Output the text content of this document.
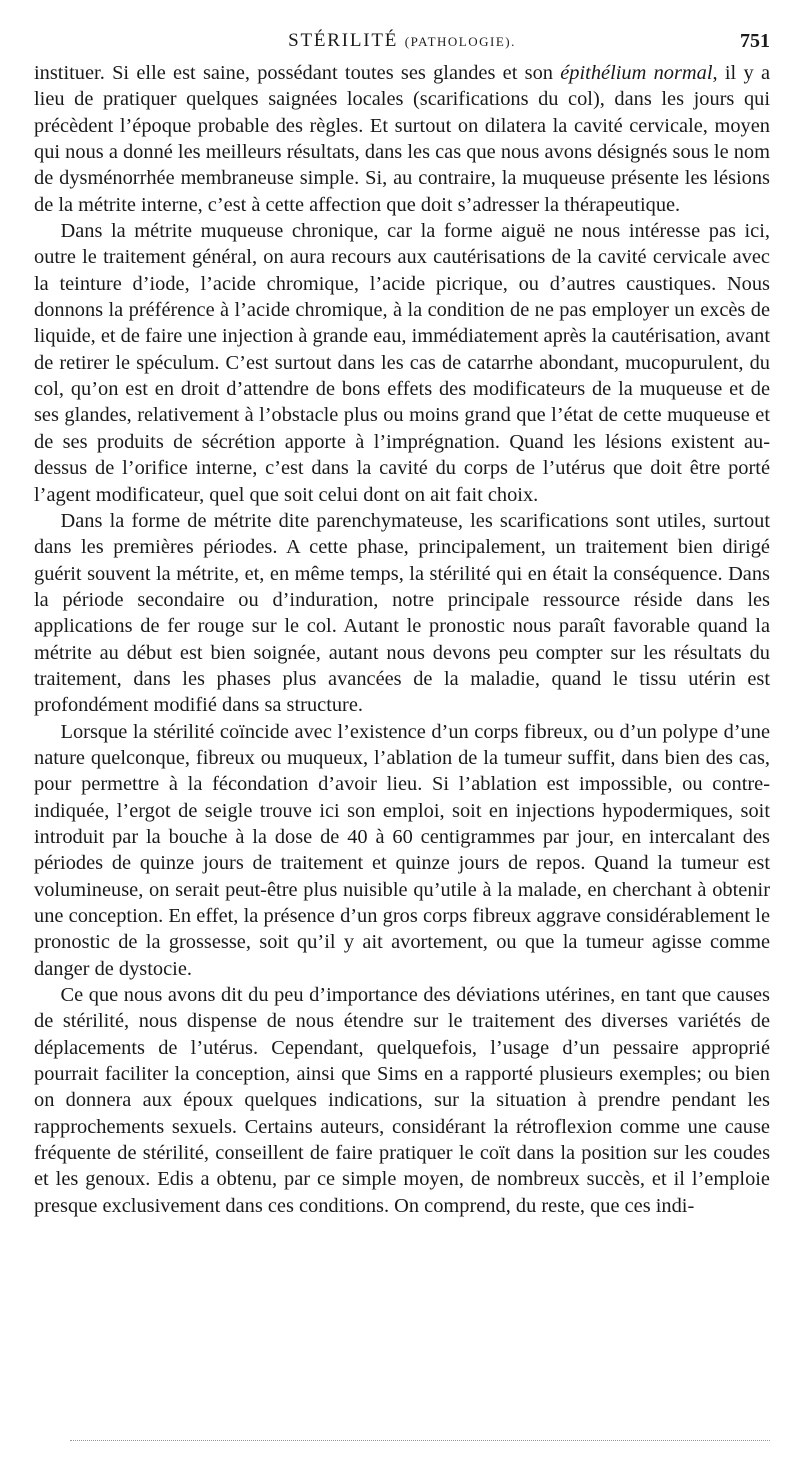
STÉRILITÉ (PATHOLOGIE).	751

instituer. Si elle est saine, possédant toutes ses glandes et son épithélium normal, il y a lieu de pratiquer quelques saignées locales (scarifications du col), dans les jours qui précèdent l’époque probable des règles. Et surtout on dilatera la cavité cervicale, moyen qui nous a donné les meilleurs résultats, dans les cas que nous avons désignés sous le nom de dysménorrhée membraneuse simple. Si, au contraire, la muqueuse présente les lésions de la métrite interne, c’est à cette affection que doit s’adresser la thérapeutique.

Dans la métrite muqueuse chronique, car la forme aiguë ne nous intéresse pas ici, outre le traitement général, on aura recours aux cautérisations de la cavité cervicale avec la teinture d’iode, l’acide chromique, l’acide picrique, ou d’autres caustiques. Nous donnons la préférence à l’acide chromique, à la condition de ne pas employer un excès de liquide, et de faire une injection à grande eau, immédiatement après la cautérisation, avant de retirer le spéculum. C’est surtout dans les cas de catarrhe abondant, mucopurulent, du col, qu’on est en droit d’attendre de bons effets des modificateurs de la muqueuse et de ses glandes, relativement à l’obstacle plus ou moins grand que l’état de cette muqueuse et de ses produits de sécrétion apporte à l’imprégnation. Quand les lésions existent au-dessus de l’orifice interne, c’est dans la cavité du corps de l’utérus que doit être porté l’agent modificateur, quel que soit celui dont on ait fait choix.

Dans la forme de métrite dite parenchymateuse, les scarifications sont utiles, surtout dans les premières périodes. A cette phase, principalement, un traitement bien dirigé guérit souvent la métrite, et, en même temps, la stérilité qui en était la conséquence. Dans la période secondaire ou d’induration, notre principale ressource réside dans les applications de fer rouge sur le col. Autant le pronostic nous paraît favorable quand la métrite au début est bien soignée, autant nous devons peu compter sur les résultats du traitement, dans les phases plus avancées de la maladie, quand le tissu utérin est profondément modifié dans sa structure.

Lorsque la stérilité coïncide avec l’existence d’un corps fibreux, ou d’un polype d’une nature quelconque, fibreux ou muqueux, l’ablation de la tumeur suffit, dans bien des cas, pour permettre à la fécondation d’avoir lieu. Si l’ablation est impossible, ou contre-indiquée, l’ergot de seigle trouve ici son emploi, soit en injections hypodermiques, soit introduit par la bouche à la dose de 40 à 60 centigrammes par jour, en intercalant des périodes de quinze jours de traitement et quinze jours de repos. Quand la tumeur est volumineuse, on serait peut-être plus nuisible qu’utile à la malade, en cherchant à obtenir une conception. En effet, la présence d’un gros corps fibreux aggrave considérablement le pronostic de la grossesse, soit qu’il y ait avortement, ou que la tumeur agisse comme danger de dystocie.

Ce que nous avons dit du peu d’importance des déviations utérines, en tant que causes de stérilité, nous dispense de nous étendre sur le traitement des diverses variétés de déplacements de l’utérus. Cependant, quelquefois, l’usage d’un pessaire approprié pourrait faciliter la conception, ainsi que Sims en a rapporté plusieurs exemples; ou bien on donnera aux époux quelques indications, sur la situation à prendre pendant les rapprochements sexuels. Certains auteurs, considérant la rétroflexion comme une cause fréquente de stérilité, conseillent de faire pratiquer le coït dans la position sur les coudes et les genoux. Edis a obtenu, par ce simple moyen, de nombreux succès, et il l’emploie presque exclusivement dans ces conditions. On comprend, du reste, que ces indi-
